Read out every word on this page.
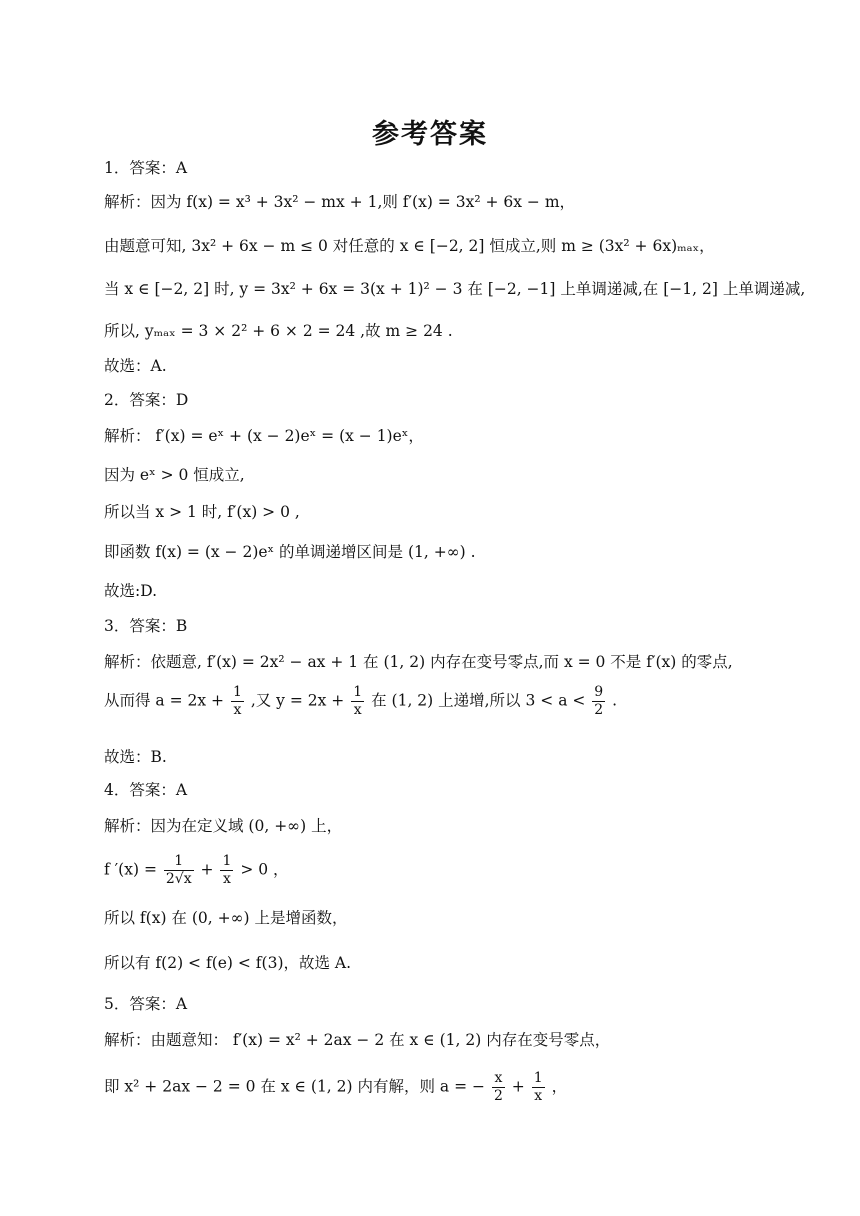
参考答案
1．答案：A
解析：因为 f(x) = x³ + 3x² − mx + 1,则 f′(x) = 3x² + 6x − m，
由题意可知, 3x² + 6x − m ≤ 0 对任意的 x ∈ [−2, 2] 恒成立,则 m ≥ (3x² + 6x)ₘₐₓ，
当 x ∈ [−2, 2] 时, y = 3x² + 6x = 3(x + 1)² − 3 在 [−2, −1] 上单调递减,在 [−1, 2] 上单调递减,
所以, yₘₐₓ = 3 × 2² + 6 × 2 = 24 ,故 m ≥ 24 .
故选：A.
2．答案：D
解析： f′(x) = eˣ + (x − 2)eˣ = (x − 1)eˣ，
因为 eˣ > 0 恒成立,
所以当 x > 1 时, f′(x) > 0 ,
即函数 f(x) = (x − 2)eˣ 的单调递增区间是 (1, +∞) .
故选:D.
3．答案：B
解析：依题意, f′(x) = 2x² − ax + 1 在 (1, 2) 内存在变号零点,而 x = 0 不是 f′(x) 的零点,
从而得 $a = 2x + \frac{1}{x}$ ,又 $y = 2x + \frac{1}{x}$ 在 (1, 2) 上递增,所以 $3 < a < \frac{9}{2}$ .
故选：B.
4．答案：A
解析：因为在定义域 (0, +∞) 上，
f $'(x) = \frac{1}{2√x} + \frac{1}{x} > 0$ ，
所以 f(x) 在 (0, +∞) 上是增函数，
所以有 f(2) < f(e) < f(3)，故选 A.
5．答案：A
解析：由题意知： f′(x) = x² + 2ax − 2 在 x ∈ (1, 2) 内存在变号零点，
即 x² + 2ax − 2 = 0 在 x ∈ (1, 2) 内有解，则 a = − $\frac{x}{2} + \frac{1}{x}$ ，
